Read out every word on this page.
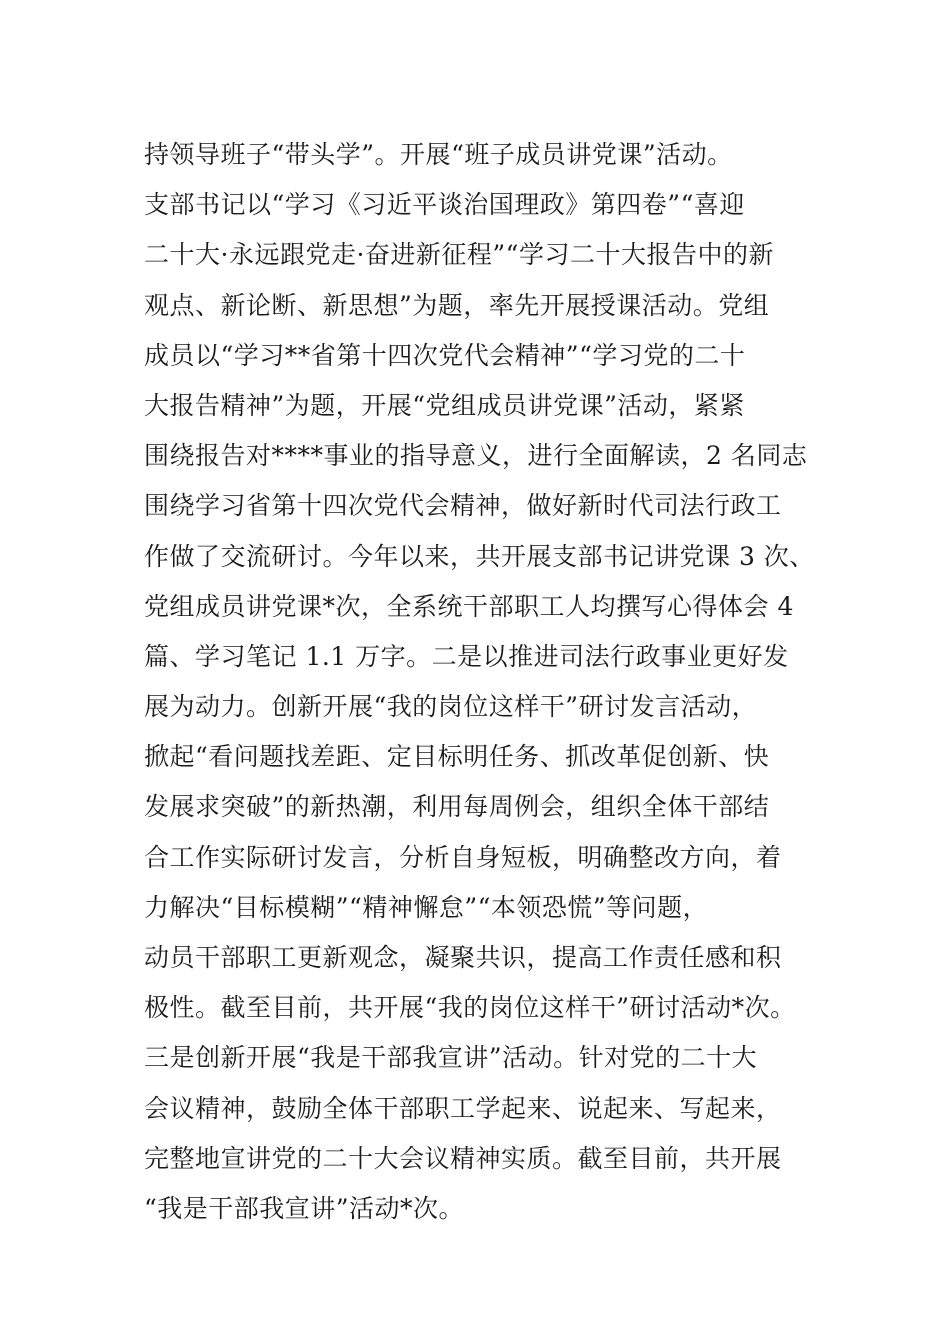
持领导班子“带头学”。开展“班子成员讲党课”活动。
支部书记以“学习《习近平谈治国理政》第四卷”“喜迎
二十大·永远跟党走·奋进新征程”“学习二十大报告中的新
观点、新论断、新思想”为题，率先开展授课活动。党组
成员以“学习**省第十四次党代会精神”“学习党的二十
大报告精神”为题，开展“党组成员讲党课”活动，紧紧
围绕报告对****事业的指导意义，进行全面解读，2 名同志
围绕学习省第十四次党代会精神，做好新时代司法行政工
作做了交流研讨。今年以来，共开展支部书记讲党课 3 次、
党组成员讲党课*次，全系统干部职工人均撰写心得体会 4
篇、学习笔记 1.1 万字。二是以推进司法行政事业更好发
展为动力。创新开展“我的岗位这样干”研讨发言活动，
掀起“看问题找差距、定目标明任务、抓改革促创新、快
发展求突破”的新热潮，利用每周例会，组织全体干部结
合工作实际研讨发言，分析自身短板，明确整改方向，着
力解决“目标模糊”“精神懈怠”“本领恐慌”等问题，
动员干部职工更新观念，凝聚共识，提高工作责任感和积
极性。截至目前，共开展“我的岗位这样干”研讨活动*次。
三是创新开展“我是干部我宣讲”活动。针对党的二十大
会议精神，鼓励全体干部职工学起来、说起来、写起来，
完整地宣讲党的二十大会议精神实质。截至目前，共开展
“我是干部我宣讲”活动*次。
